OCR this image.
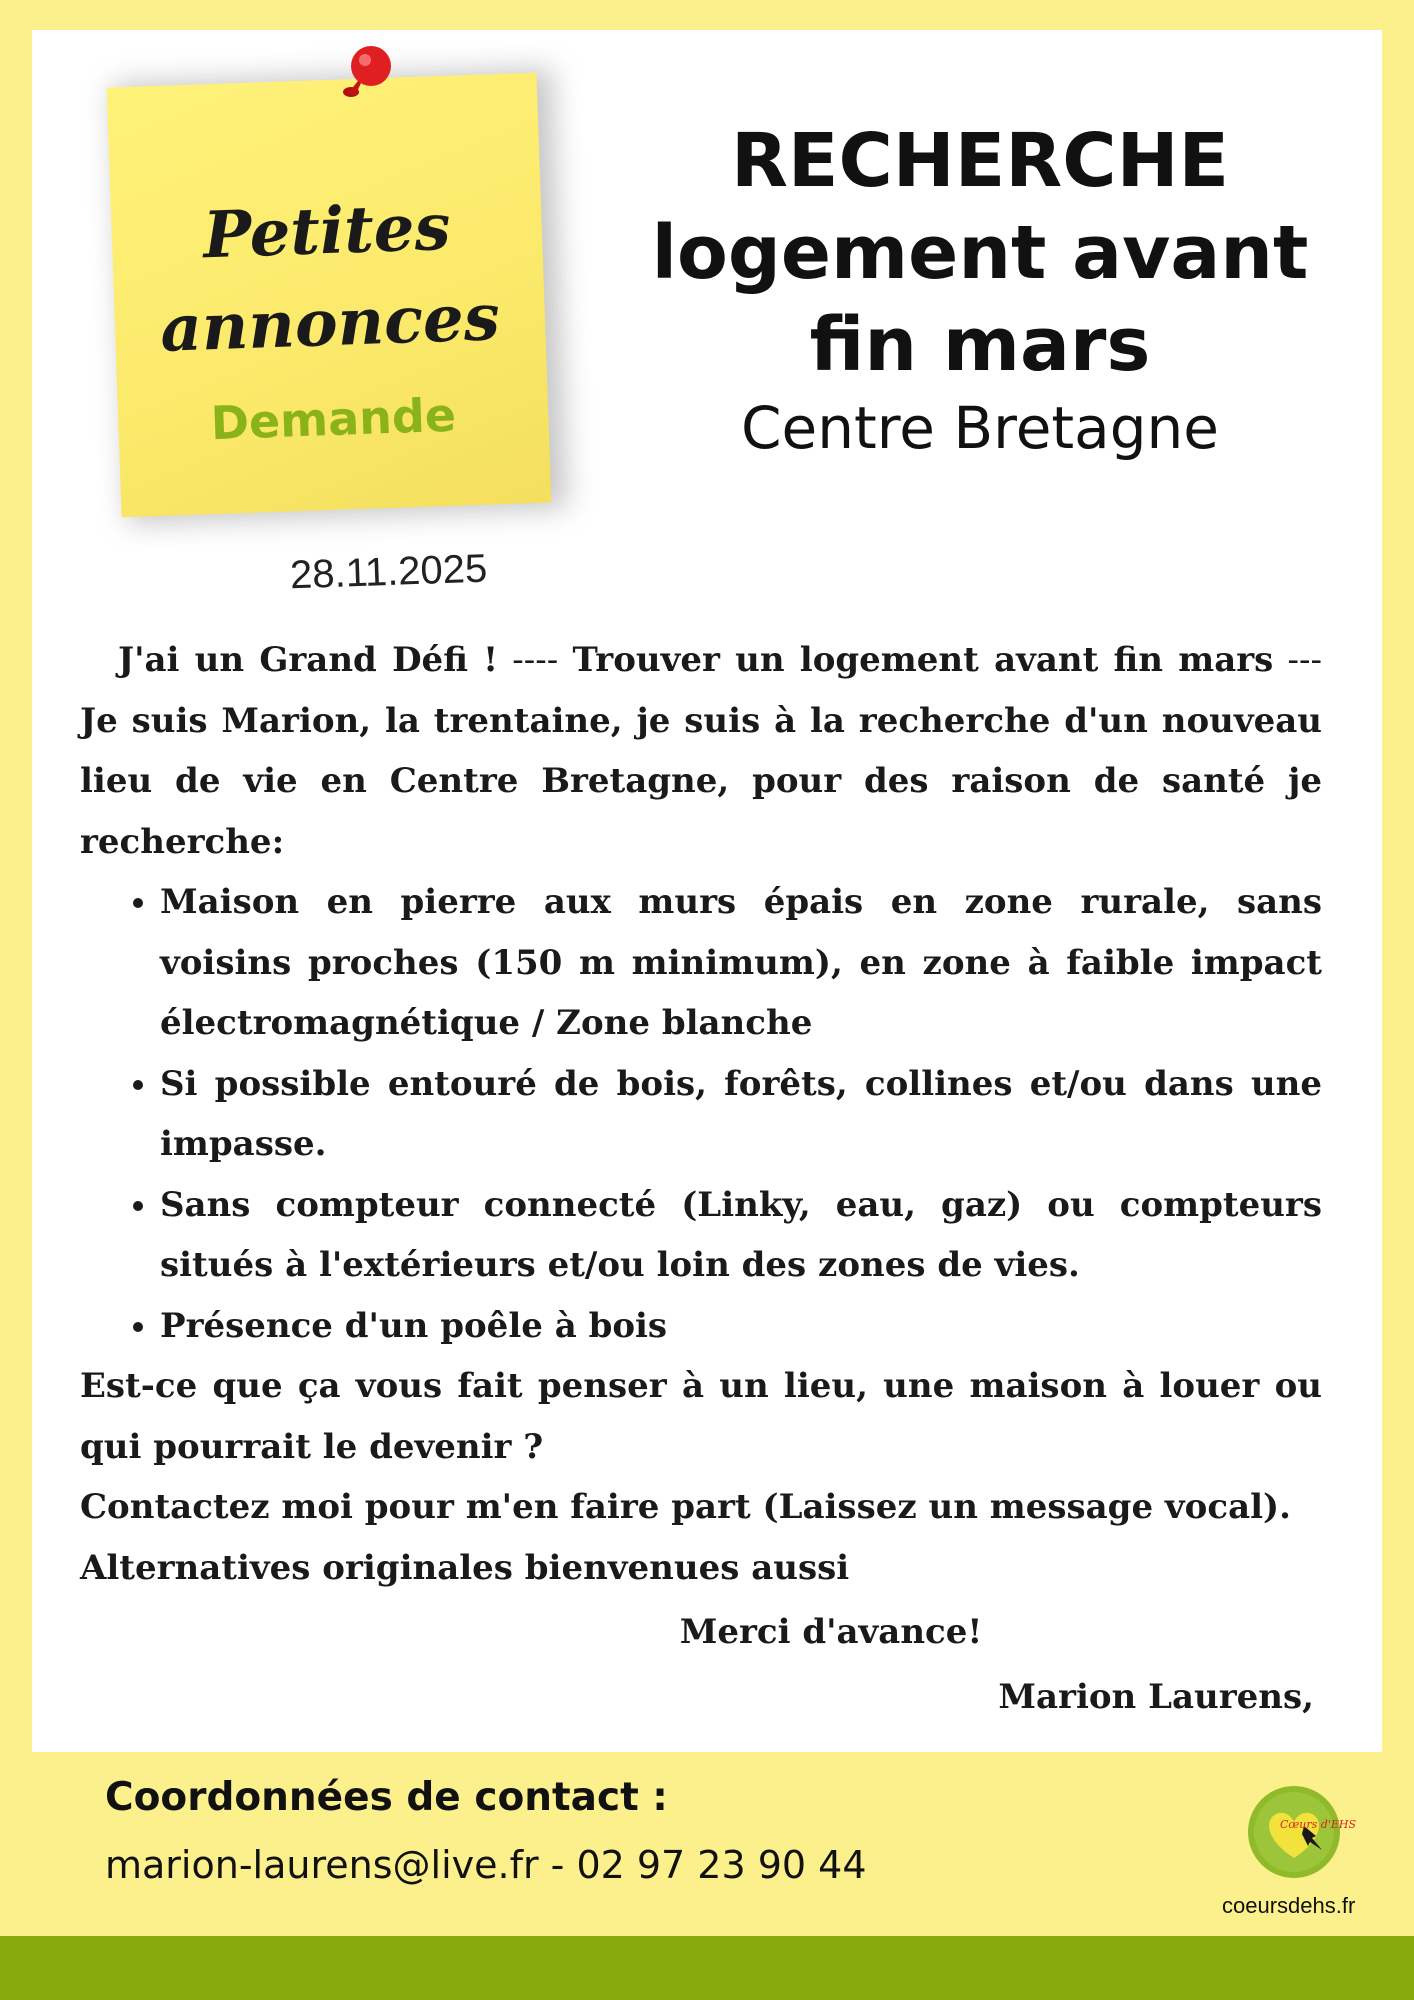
Petites
annonces
Demande
28.11.2025

RECHERCHE

logement avant

fin mars

Centre Bretagne

J'ai un Grand Défi ! ---- Trouver un logement avant fin mars --- Je suis Marion, la trentaine, je suis à la recherche d'un nouveau lieu de vie en Centre Bretagne, pour des raison de santé je recherche:

• Maison en pierre aux murs épais en zone rurale, sans voisins proches (150 m minimum), en zone à faible impact électromagnétique / Zone blanche
• Si possible entouré de bois, forêts, collines et/ou dans une impasse.
• Sans compteur connecté (Linky, eau, gaz) ou compteurs situés à l'extérieurs et/ou loin des zones de vies.
• Présence d'un poêle à bois

Est-ce que ça vous fait penser à un lieu, une maison à louer ou qui pourrait le devenir ?

Contactez moi pour m'en faire part (Laissez un message vocal).

Alternatives originales bienvenues aussi

Merci d'avance!

Marion Laurens,

Coordonnées de contact :
marion-laurens@live.fr - 02 97 23 90 44
Cœurs d'EHS
coeursdehs.fr
